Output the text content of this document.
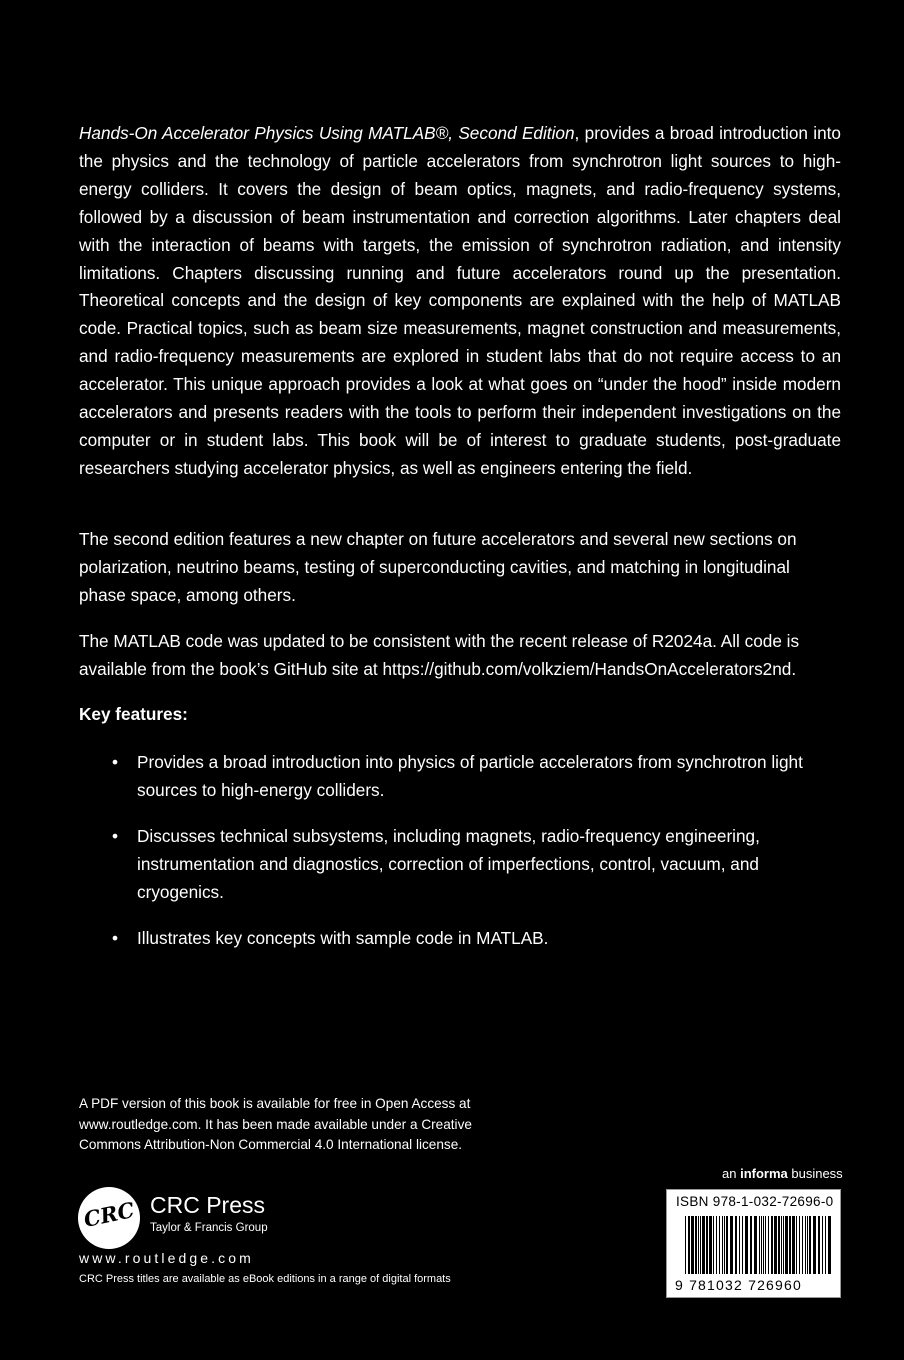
Hands-On Accelerator Physics Using MATLAB®, Second Edition, provides a broad introduction into the physics and the technology of particle accelerators from synchrotron light sources to high-energy colliders. It covers the design of beam optics, magnets, and radio-frequency systems, followed by a discussion of beam instrumentation and correction algorithms. Later chapters deal with the interaction of beams with targets, the emission of synchrotron radiation, and intensity limitations. Chapters discussing running and future accelerators round up the presentation. Theoretical concepts and the design of key components are explained with the help of MATLAB code. Practical topics, such as beam size measurements, magnet construction and measurements, and radio-frequency measurements are explored in student labs that do not require access to an accelerator. This unique approach provides a look at what goes on “under the hood” inside modern accelerators and presents readers with the tools to perform their independent investigations on the computer or in student labs. This book will be of interest to graduate students, post-graduate researchers studying accelerator physics, as well as engineers entering the field.

The second edition features a new chapter on future accelerators and several new sections on polarization, neutrino beams, testing of superconducting cavities, and matching in longitudinal phase space, among others.

The MATLAB code was updated to be consistent with the recent release of R2024a. All code is available from the book’s GitHub site at https://github.com/volkziem/HandsOnAccelerators2nd.

Key features:

• Provides a broad introduction into physics of particle accelerators from synchrotron light sources to high-energy colliders.
• Discusses technical subsystems, including magnets, radio-frequency engineering, instrumentation and diagnostics, correction of imperfections, control, vacuum, and cryogenics.
• Illustrates key concepts with sample code in MATLAB.

A PDF version of this book is available for free in Open Access at www.routledge.com. It has been made available under a Creative Commons Attribution-Non Commercial 4.0 International license.

an informa business
ISBN 978-1-032-72696-0
9 781032 726960
CRC CRC Press
Taylor & Francis Group
www.routledge.com
CRC Press titles are available as eBook editions in a range of digital formats
